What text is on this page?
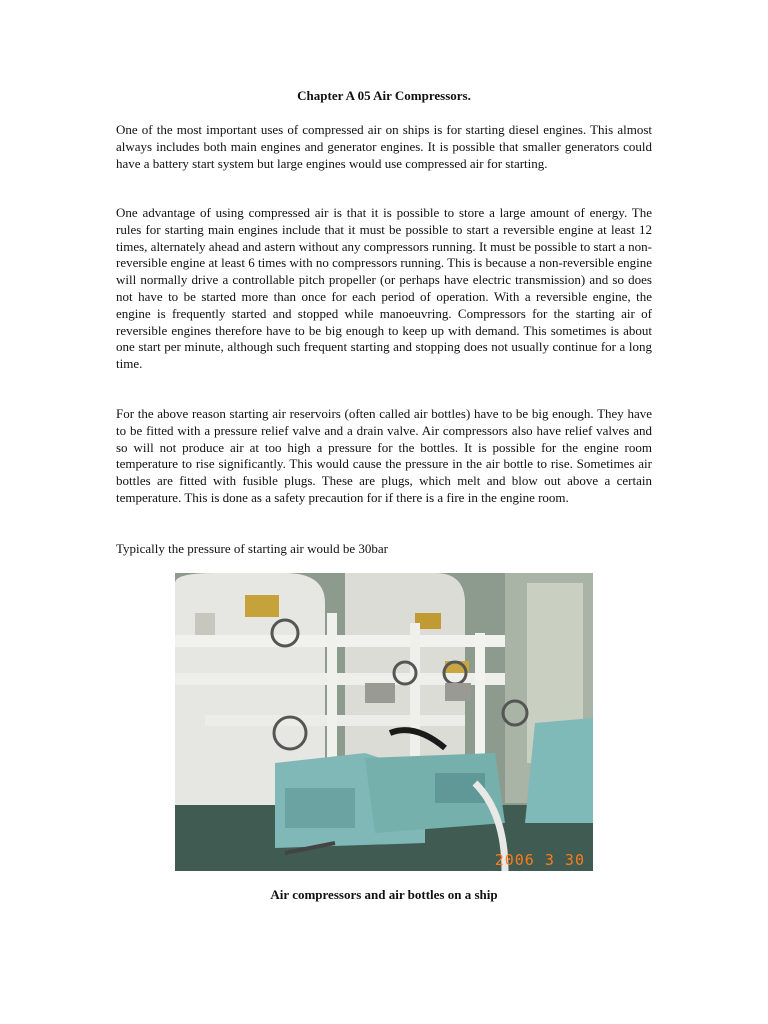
Chapter A 05 Air Compressors.

One of the most important uses of compressed air on ships is for starting diesel engines. This almost always includes both main engines and generator engines. It is possible that smaller generators could have a battery start system but large engines would use compressed air for starting.

One advantage of using compressed air is that it is possible to store a large amount of energy. The rules for starting main engines include that it must be possible to start a reversible engine at least 12 times, alternately ahead and astern without any compressors running. It must be possible to start a non-reversible engine at least 6 times with no compressors running. This is because a non-reversible engine will normally drive a controllable pitch propeller (or perhaps have electric transmission) and so does not have to be started more than once for each period of operation. With a reversible engine, the engine is frequently started and stopped while manoeuvring. Compressors for the starting air of reversible engines therefore have to be big enough to keep up with demand. This sometimes is about one start per minute, although such frequent starting and stopping does not usually continue for a long time.

For the above reason starting air reservoirs (often called air bottles) have to be big enough. They have to be fitted with a pressure relief valve and a drain valve. Air compressors also have relief valves and so will not produce air at too high a pressure for the bottles. It is possible for the engine room temperature to rise significantly. This would cause the pressure in the air bottle to rise. Sometimes air bottles are fitted with fusible plugs. These are plugs, which melt and blow out above a certain temperature. This is done as a safety precaution for if there is a fire in the engine room.

Typically the pressure of starting air would be 30bar

2006 3 30
Air compressors and air bottles on a ship
